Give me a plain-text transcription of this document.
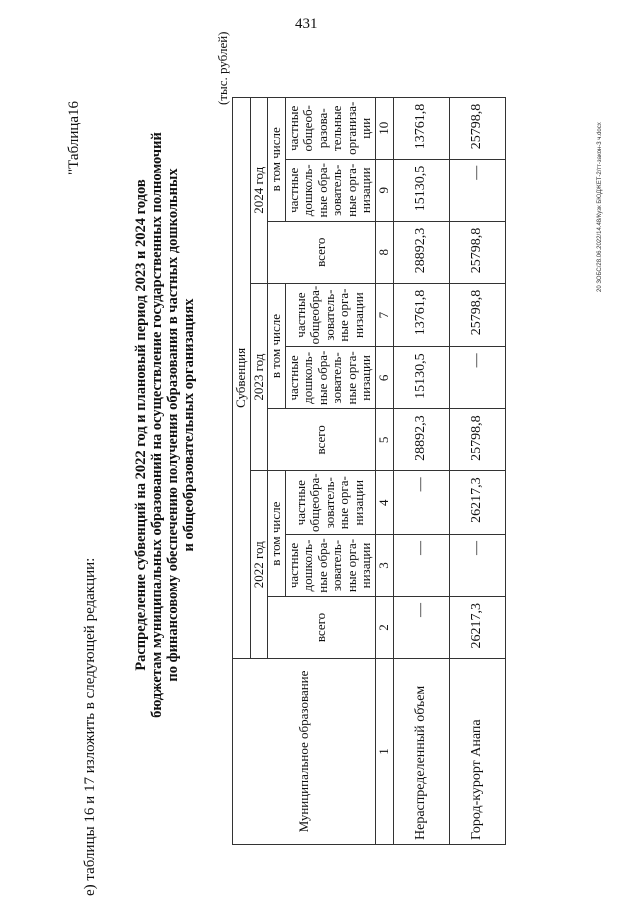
431
20 ЗОБС/28.06.2022/14.48/Кузк БЮДЖЕТ-2/тт-закон-3 ч.docx
е) таблицы 16 и 17 изложить в следующей редакции:
"Таблица16
Распределение субвенций на 2022 год и плановый период 2023 и 2024 годов бюджетам муниципальных образований на осуществление государственных полномочий по финансовому обеспечению получения образования в частных дошкольных и общеобразовательных организациях
(тыс. рублей)
Муниципальное образование	Субвенция								
	2022 год			2023 год			2024 год		
	всего	в том числе		всего	в том числе		всего	в том числе	
		частные дошколь-ные обра-зователь-ные орга-низации	частные общеобра-зователь-ные орга-низации		частные дошколь-ные обра-зователь-ные орга-низации	частные общеобра-зователь-ные орга-низации		частные дошколь-ные обра-зователь-ные орга-низации	частные общеоб-разова-тельные организа-ции
1	2	3	4	5	6	7	8	9	10
Нераспределенный объем	—	—	—	28892,3	15130,5	13761,8	28892,3	15130,5	13761,8
Город-курорт Анапа	26217,3	—	26217,3	25798,8	—	25798,8	25798,8	—	25798,8
